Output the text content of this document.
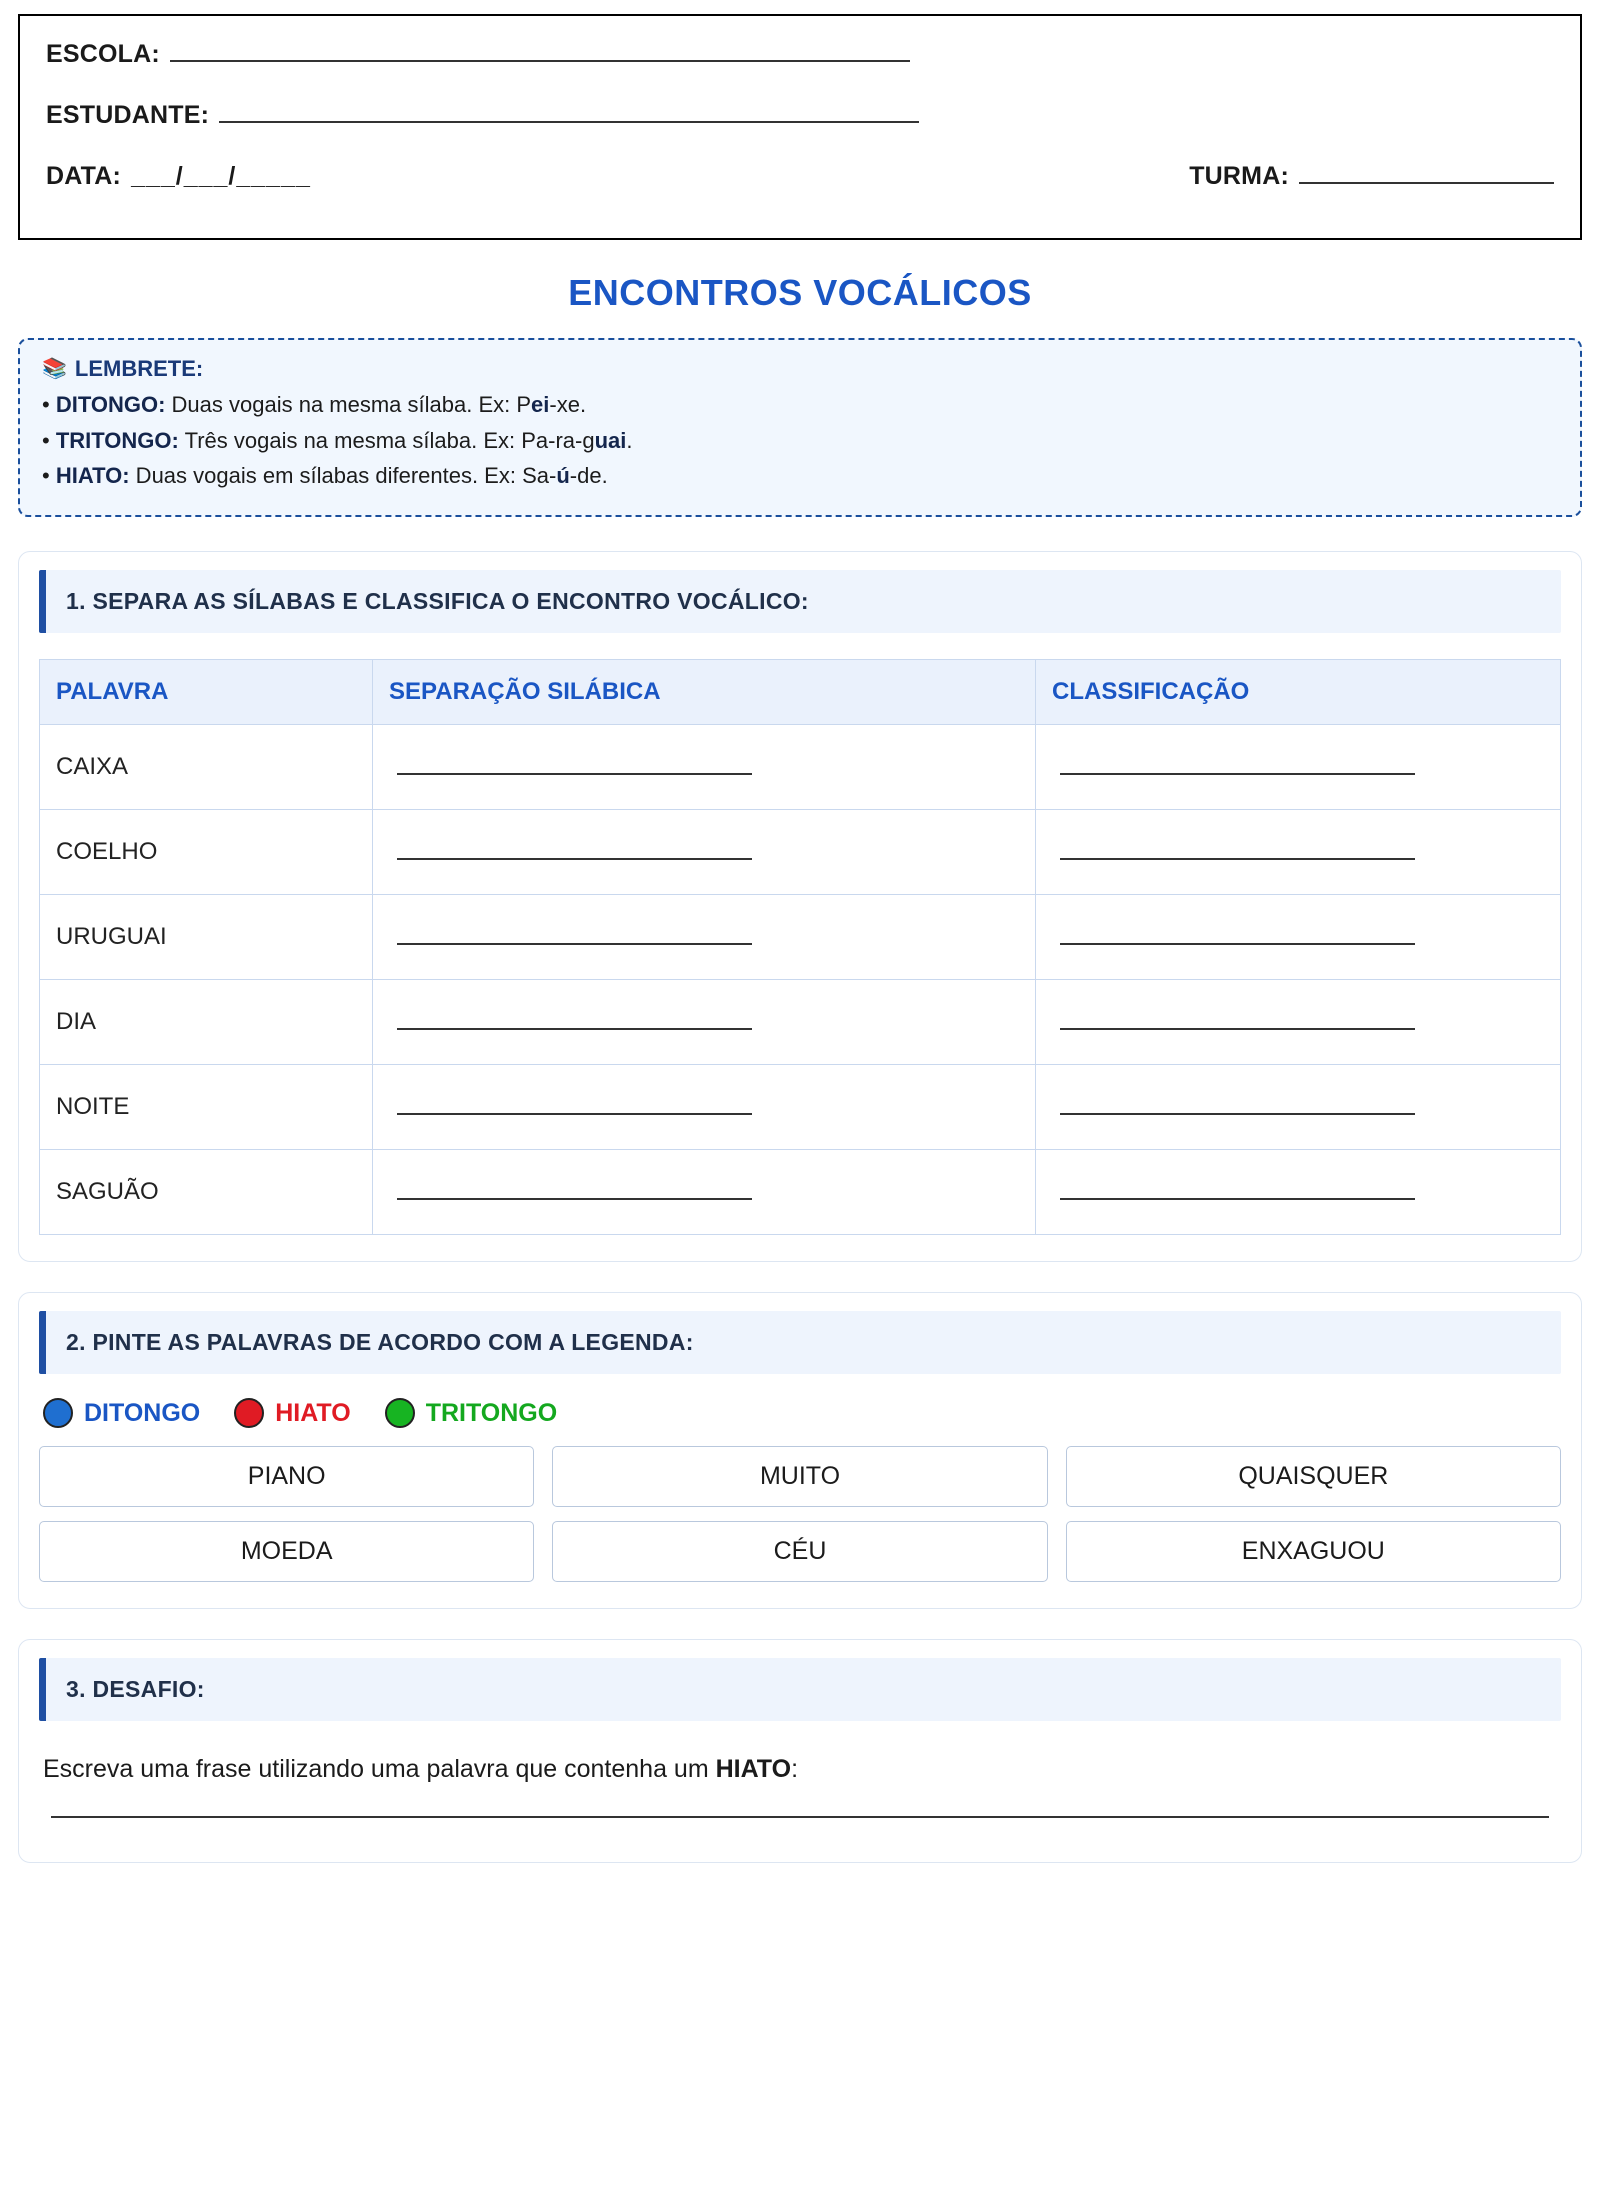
ESCOLA:
ESTUDANTE:
DATA: ___/___/_____	TURMA:
ENCONTROS VOCÁLICOS
📚 LEMBRETE:
• DITONGO: Duas vogais na mesma sílaba. Ex: Pei-xe.
• TRITONGO: Três vogais na mesma sílaba. Ex: Pa-ra-guai.
• HIATO: Duas vogais em sílabas diferentes. Ex: Sa-ú-de.
1. SEPARA AS SÍLABAS E CLASSIFICA O ENCONTRO VOCÁLICO:
PALAVRA	SEPARAÇÃO SILÁBICA	CLASSIFICAÇÃO
CAIXA		
COELHO		
URUGUAI		
DIA		
NOITE		
SAGUÃO		
2. PINTE AS PALAVRAS DE ACORDO COM A LEGENDA:
DITONGO	HIATO	TRITONGO
PIANO	MUITO	QUAISQUER
MOEDA	CÉU	ENXAGUOU
3. DESAFIO:
Escreva uma frase utilizando uma palavra que contenha um HIATO:
